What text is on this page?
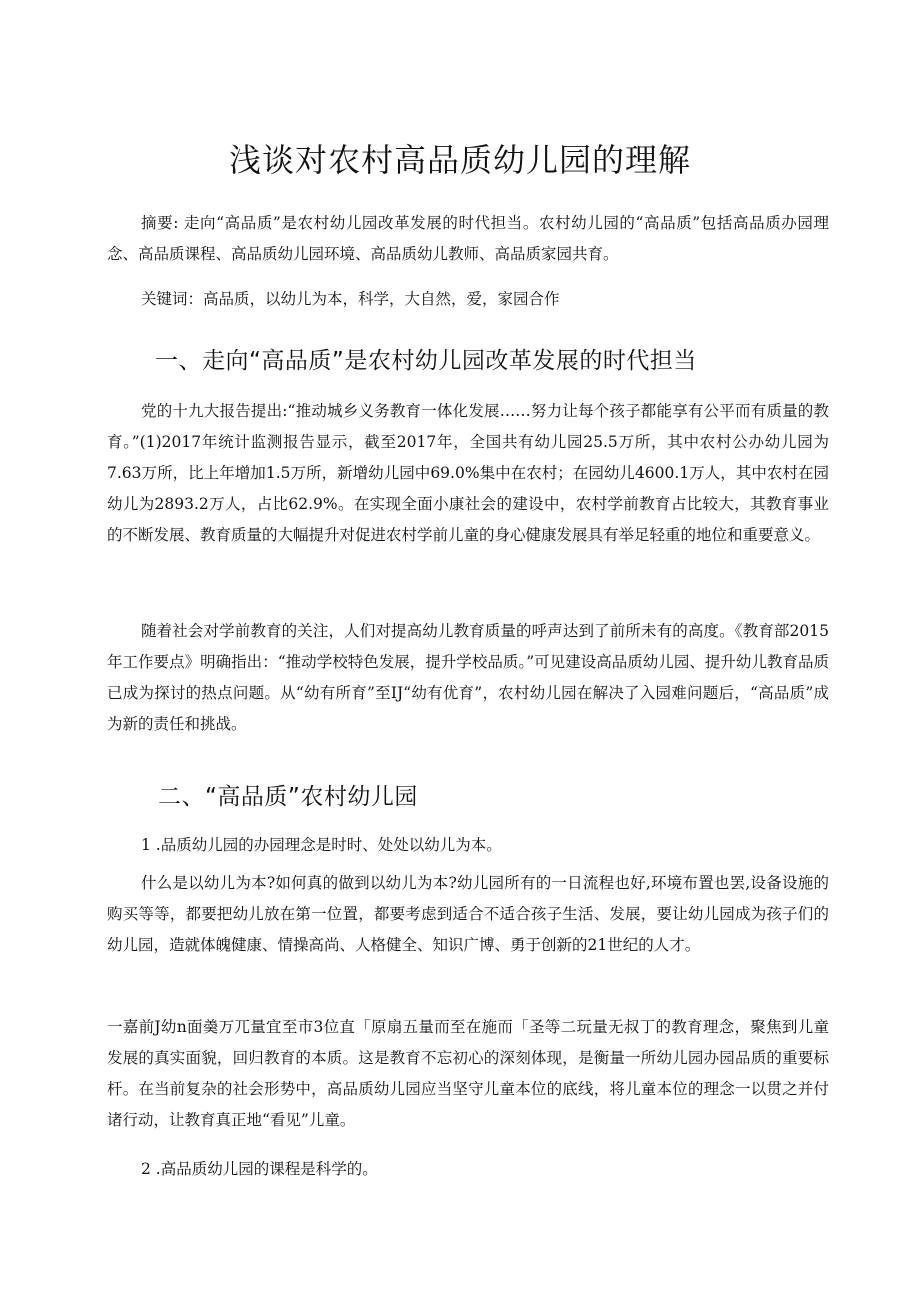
浅谈对农村高品质幼儿园的理解

摘要: 走向“高品质”是农村幼儿园改革发展的时代担当。农村幼儿园的“高品质”包括高品质办园理念、高品质课程、高品质幼儿园环境、高品质幼儿教师、高品质家园共育。

关键词：高品质，以幼儿为本，科学，大自然，爱，家园合作

一、走向“高品质”是农村幼儿园改革发展的时代担当

党的十九大报告提出:“推动城乡义务教育一体化发展……努力让每个孩子都能享有公平而有质量的教育。”(1)2017年统计监测报告显示，截至2017年，全国共有幼儿园25.5万所，其中农村公办幼儿园为7.63万所，比上年增加1.5万所，新增幼儿园中69.0%集中在农村；在园幼儿4600.1万人，其中农村在园幼儿为2893.2万人，占比62.9%。在实现全面小康社会的建设中，农村学前教育占比较大，其教育事业的不断发展、教育质量的大幅提升对促进农村学前儿童的身心健康发展具有举足轻重的地位和重要意义。

随着社会对学前教育的关注，人们对提高幼儿教育质量的呼声达到了前所未有的高度。《教育部2015年工作要点》明确指出：“推动学校特色发展，提升学校品质。”可见建设高品质幼儿园、提升幼儿教育品质已成为探讨的热点问题。从“幼有所育”至IJ“幼有优育”，农村幼儿园在解决了入园难问题后，“高品质”成为新的责任和挑战。

二、“高品质”农村幼儿园

1 .品质幼儿园的办园理念是时时、处处以幼儿为本。

什么是以幼儿为本?如何真的做到以幼儿为本?幼儿园所有的一日流程也好,环境布置也罢,设备设施的购买等等，都要把幼儿放在第一位置，都要考虑到适合不适合孩子生活、发展，要让幼儿园成为孩子们的幼儿园，造就体魄健康、情操高尚、人格健全、知识广博、勇于创新的21世纪的人才。

一嘉前J幼n面羮万兀量宜至市3位直「原扇五量而至在施而「圣等二玩量无叔丁的教育理念，聚焦到儿童发展的真实面貌，回归教育的本质。这是教育不忘初心的深刻体现，是衡量一所幼儿园办园品质的重要标杆。在当前复杂的社会形势中，高品质幼儿园应当坚守儿童本位的底线，将儿童本位的理念一以贯之并付诸行动，让教育真正地“看见”儿童。

2 .高品质幼儿园的课程是科学的。
